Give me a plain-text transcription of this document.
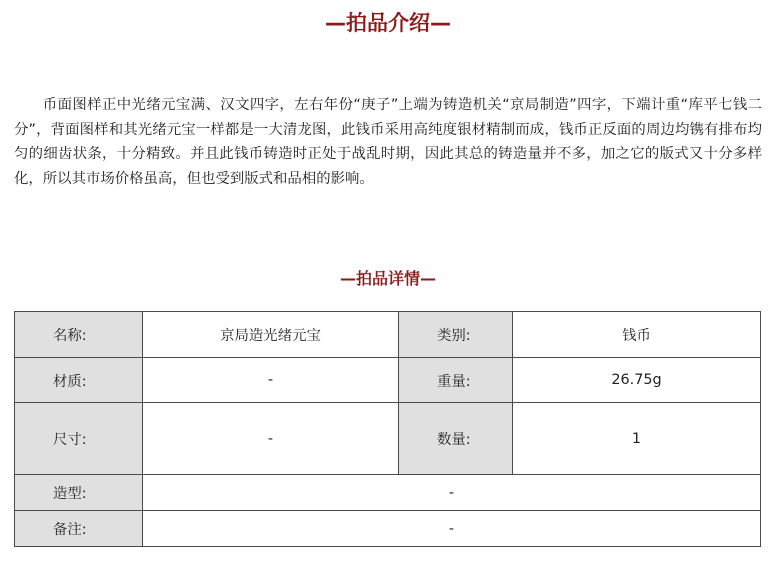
—拍品介绍—

币面图样正中光绪元宝满、汉文四字，左右年份“庚子”上端为铸造机关“京局制造”四字，下端计重“库平七钱二分”，背面图样和其光绪元宝一样都是一大清龙图，此钱币采用高纯度银材精制而成，钱币正反面的周边均镌有排布均匀的细齿状条，十分精致。并且此钱币铸造时正处于战乱时期，因此其总的铸造量并不多，加之它的版式又十分多样化，所以其市场价格虽高，但也受到版式和品相的影响。

—拍品详情—
名称:	京局造光绪元宝	类别:	钱币
材质:	-	重量:	26.75g
尺寸:	-	数量:	1
造型:	-		
备注:	-		
